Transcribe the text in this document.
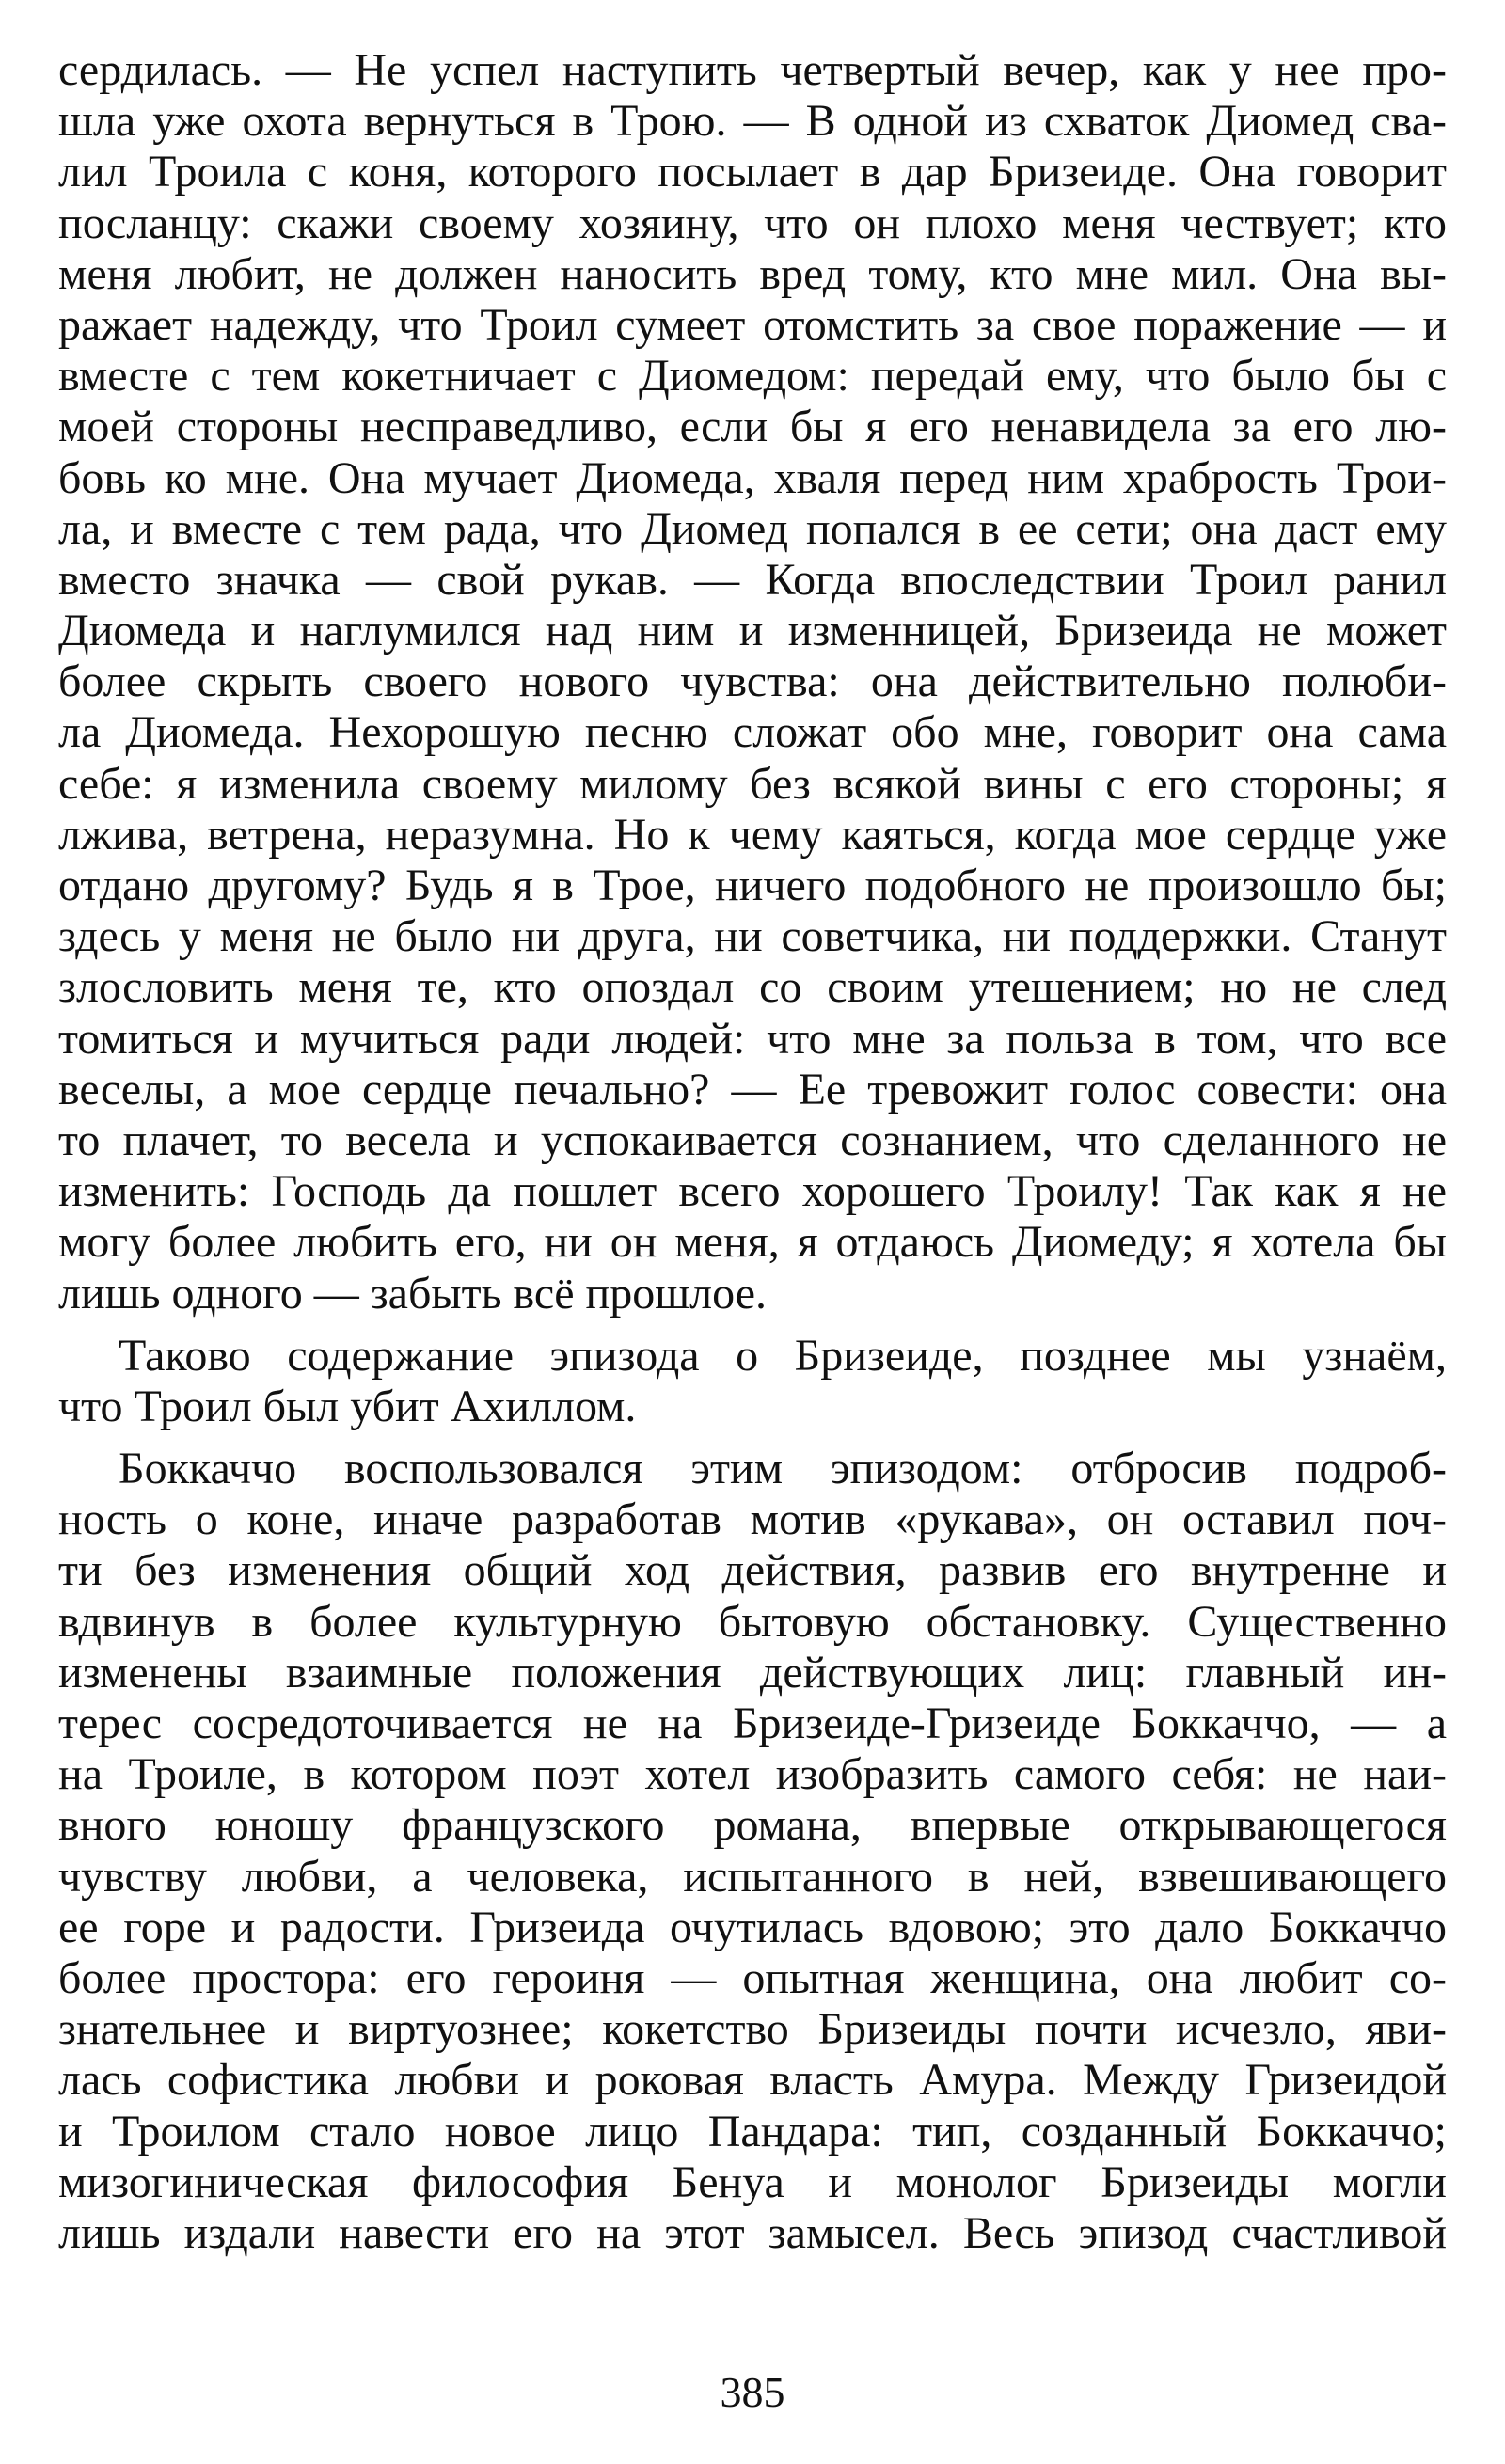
сердилась. — Не успел наступить четвертый вечер, как у нее про-
шла уже охота вернуться в Трою. — В одной из схваток Диомед сва-
лил Троила с коня, которого посылает в дар Бризеиде. Она говорит
посланцу: скажи своему хозяину, что он плохо меня чествует; кто
меня любит, не должен наносить вред тому, кто мне мил. Она вы-
ражает надежду, что Троил сумеет отомстить за свое поражение — и
вместе с тем кокетничает с Диомедом: передай ему, что было бы с
моей стороны несправедливо, если бы я его ненавидела за его лю-
бовь ко мне. Она мучает Диомеда, хваля перед ним храбрость Трои-
ла, и вместе с тем рада, что Диомед попался в ее сети; она даст ему
вместо значка — свой рукав. — Когда впоследствии Троил ранил
Диомеда и наглумился над ним и изменницей, Бризеида не может
более скрыть своего нового чувства: она действительно полюби-
ла Диомеда. Нехорошую песню сложат обо мне, говорит она сама
себе: я изменила своему милому без всякой вины с его стороны; я
лжива, ветрена, неразумна. Но к чему каяться, когда мое сердце уже
отдано другому? Будь я в Трое, ничего подобного не произошло бы;
здесь у меня не было ни друга, ни советчика, ни поддержки. Станут
злословить меня те, кто опоздал со своим утешением; но не след
томиться и мучиться ради людей: что мне за польза в том, что все
веселы, а мое сердце печально? — Ее тревожит голос совести: она
то плачет, то весела и успокаивается сознанием, что сделанного не
изменить: Господь да пошлет всего хорошего Троилу! Так как я не
могу более любить его, ни он меня, я отдаюсь Диомеду; я хотела бы
лишь одного — забыть всё прошлое.
Таково содержание эпизода о Бризеиде, позднее мы узнаём,
что Троил был убит Ахиллом.
Боккаччо воспользовался этим эпизодом: отбросив подроб-
ность о коне, иначе разработав мотив «рукава», он оставил поч-
ти без изменения общий ход действия, развив его внутренне и
вдвинув в более культурную бытовую обстановку. Существенно
изменены взаимные положения действующих лиц: главный ин-
терес сосредоточивается не на Бризеиде-Гризеиде Боккаччо, — а
на Троиле, в котором поэт хотел изобразить самого себя: не наи-
вного юношу французского романа, впервые открывающегося
чувству любви, а человека, испытанного в ней, взвешивающего
ее горе и радости. Гризеида очутилась вдовою; это дало Боккаччо
более простора: его героиня — опытная женщина, она любит со-
знательнее и виртуознее; кокетство Бризеиды почти исчезло, яви-
лась софистика любви и роковая власть Амура. Между Гризеидой
и Троилом стало новое лицо Пандара: тип, созданный Боккаччо;
мизогиническая философия Бенуа и монолог Бризеиды могли
лишь издали навести его на этот замысел. Весь эпизод счастливой
385
